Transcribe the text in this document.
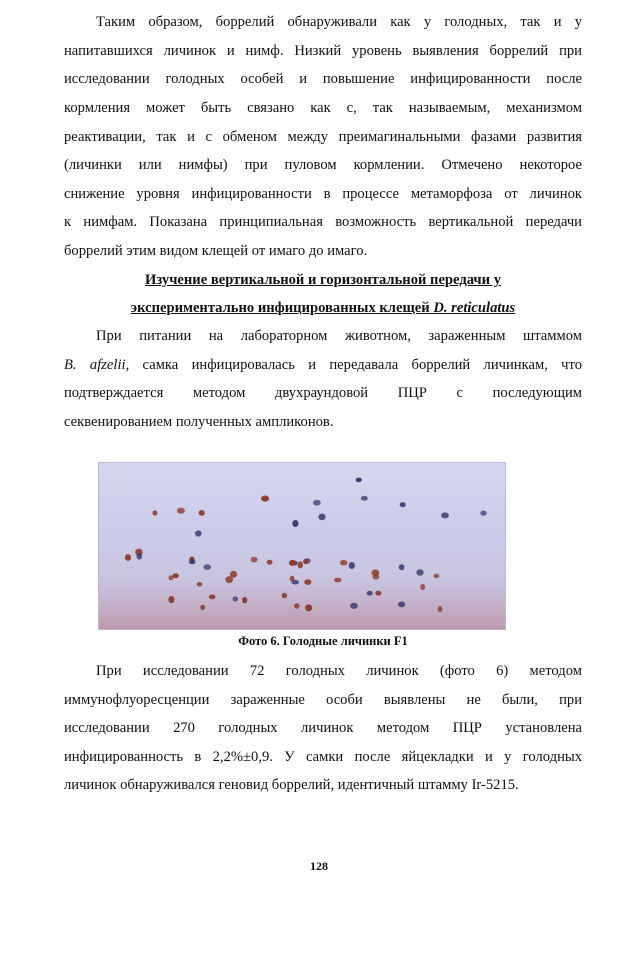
Таким образом, боррелий обнаруживали как у голодных, так и у
напитавшихся личинок и нимф. Низкий уровень выявления боррелий при
исследовании голодных особей и повышение инфицированности после
кормления может быть связано как с, так называемым, механизмом
реактивации, так и с обменом между преимагинальными фазами развития
(личинки или нимфы) при пуловом кормлении. Отмечено некоторое
снижение уровня инфицированности в процессе метаморфоза от личинок
к нимфам. Показана принципиальная возможность вертикальной передачи
боррелий этим видом клещей от имаго до имаго.
Изучение вертикальной и горизонтальной передачи у
экспериментально инфицированных клещей D. reticulatus
При питании на лабораторном животном, зараженным штаммом
B. afzelii, самка инфицировалась и передавала боррелий личинкам, что
подтверждается методом двухраундовой ПЦР с последующим
секвенированием полученных ампликонов.
Фото 6. Голодные личинки F1
При исследовании 72 голодных личинок (фото 6) методом
иммунофлуоресценции зараженные особи выявлены не были, при
исследовании 270 голодных личинок методом ПЦР установлена
инфицированность в 2,2%±0,9. У самки после яйцекладки и у голодных
личинок обнаруживался геновид боррелий, идентичный штамму Ir-5215.
128
